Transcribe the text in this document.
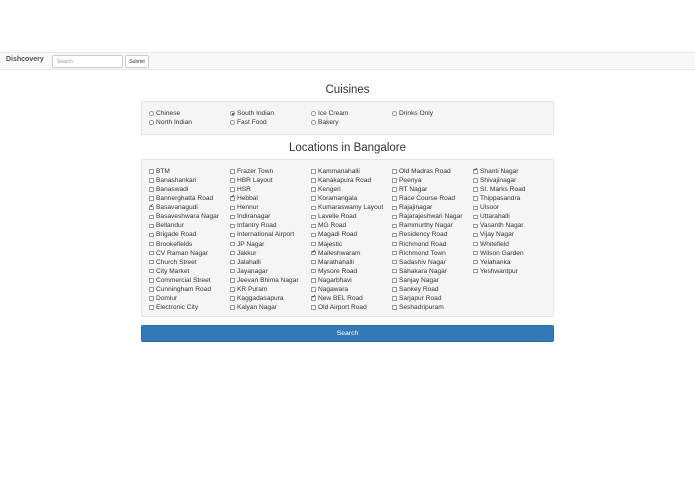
Dishcovery
Search	Submit
Cuisines
Chinese
North Indian
South Indian
Fast Food
Ice Cream
Bakery
Drinks Only
Locations in Bangalore
BTM
Banashankari
Banaswadi
Bannerghatta Road
✔
Basavanagudi
Basaveshwara Nagar
Bellandur
Brigade Road
Brookefields
CV Raman Nagar
Church Street
City Market
Commercial Street
Cunningham Road
Domlur
Electronic City
Frazer Town
HBR Layout
HSR
✔
Hebbal
Hennur
Indiranagar
Infantry Road
International Airport
JP Nagar
Jakkur
Jalahalli
Jayanagar
Jeevan Bhima Nagar
KR Puram
Kaggadasapura
Kalyan Nagar
Kammanahalli
Kanakapura Road
Kengeri
Koramangala
Kumaraswamy Layout
Lavelle Road
MG Road
Magadi Road
Majestic
✔
Malleshwaram
Marathahalli
Mysore Road
Nagarbhavi
Nagawara
✔
New BEL Road
Old Airport Road
Old Madras Road
Peenya
RT Nagar
Race Course Road
Rajajinagar
Rajarajeshwari Nagar
Rammurthy Nagar
Residency Road
Richmond Road
Richmond Town
Sadashiv Nagar
Sahakara Nagar
Sanjay Nagar
Sankey Road
Sarjapur Road
Seshadripuram
✔
Shanti Nagar
Shivajinagar
St. Marks Road
Thippasandra
Ulsoor
Uttarahalli
Vasanth Nagar
Vijay Nagar
Whitefield
Wilson Garden
Yelahanka
Yeshwantpur
Search
